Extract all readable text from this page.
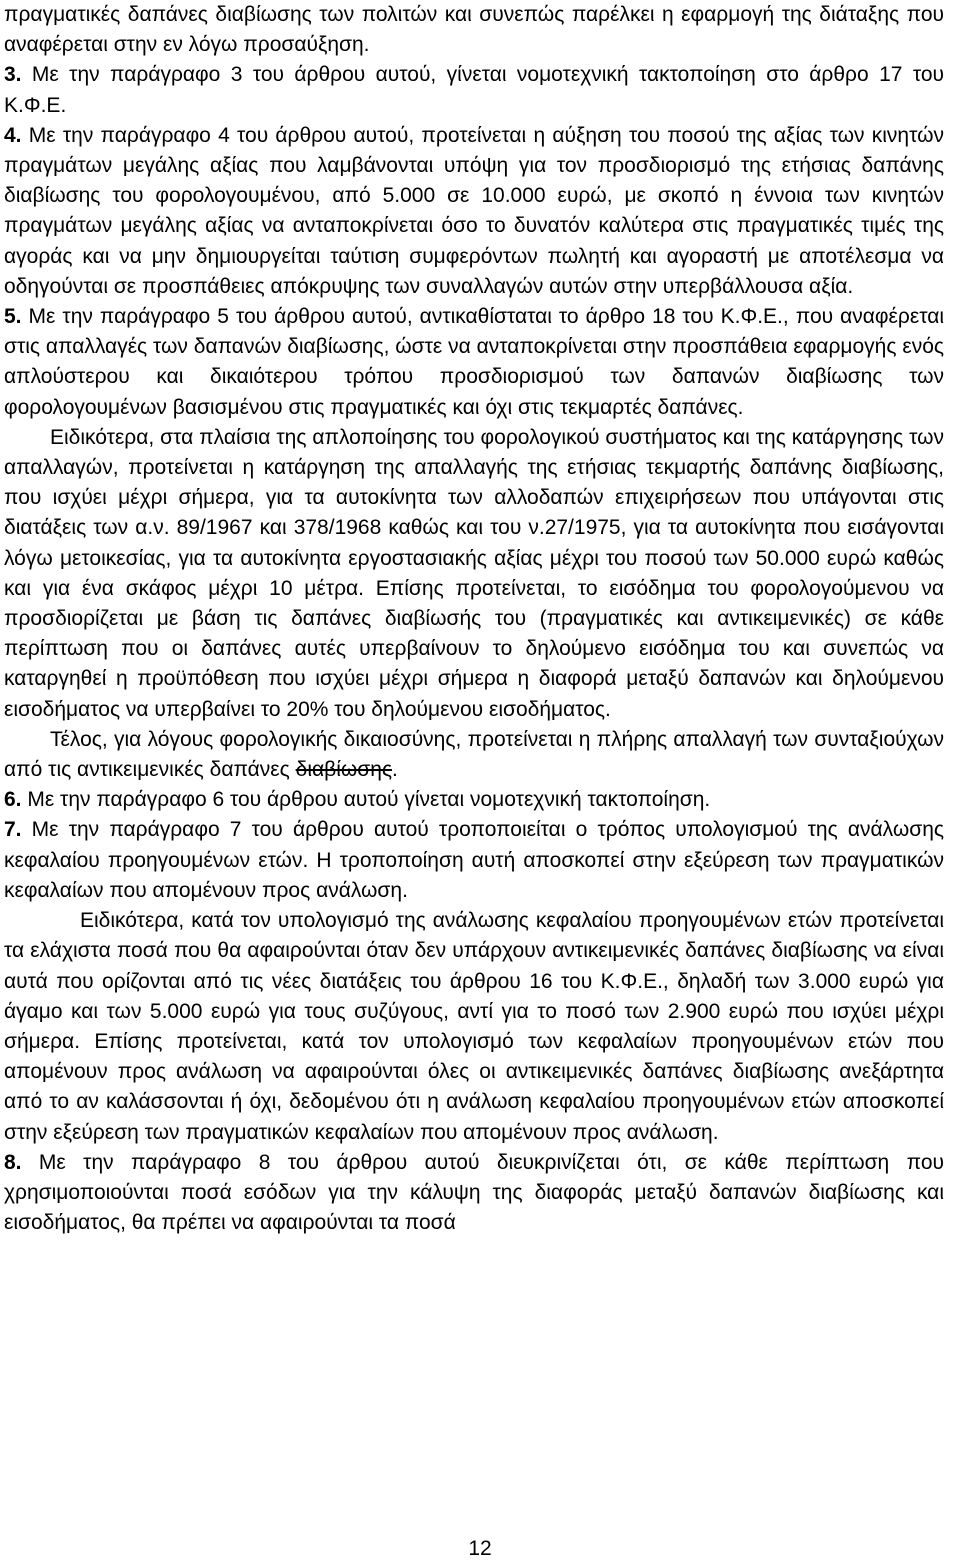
πραγματικές δαπάνες διαβίωσης των πολιτών και συνεπώς παρέλκει η εφαρμογή της διάταξης που αναφέρεται στην εν λόγω προσαύξηση.

3. Με την παράγραφο 3 του άρθρου αυτού, γίνεται νομοτεχνική τακτοποίηση στο άρθρο 17 του Κ.Φ.Ε.

4. Με την παράγραφο 4 του άρθρου αυτού, προτείνεται η αύξηση του ποσού της αξίας των κινητών πραγμάτων μεγάλης αξίας που λαμβάνονται υπόψη για τον προσδιορισμό της ετήσιας δαπάνης διαβίωσης του φορολογουμένου, από 5.000 σε 10.000 ευρώ, με σκοπό η έννοια των κινητών πραγμάτων μεγάλης αξίας να ανταποκρίνεται όσο το δυνατόν καλύτερα στις πραγματικές τιμές της αγοράς και να μην δημιουργείται ταύτιση συμφερόντων πωλητή και αγοραστή με αποτέλεσμα να οδηγούνται σε προσπάθειες απόκρυψης των συναλλαγών αυτών στην υπερβάλλουσα αξία.

5. Με την παράγραφο 5 του άρθρου αυτού, αντικαθίσταται το άρθρο 18 του Κ.Φ.Ε., που αναφέρεται στις απαλλαγές των δαπανών διαβίωσης, ώστε να ανταποκρίνεται στην προσπάθεια εφαρμογής ενός απλούστερου και δικαιότερου τρόπου προσδιορισμού των δαπανών διαβίωσης των φορολογουμένων βασισμένου στις πραγματικές και όχι στις τεκμαρτές δαπάνες.

Ειδικότερα, στα πλαίσια της απλοποίησης του φορολογικού συστήματος και της κατάργησης των απαλλαγών, προτείνεται η κατάργηση της απαλλαγής της ετήσιας τεκμαρτής δαπάνης διαβίωσης, που ισχύει μέχρι σήμερα, για τα αυτοκίνητα των αλλοδαπών επιχειρήσεων που υπάγονται στις διατάξεις των α.ν. 89/1967 και 378/1968 καθώς και του ν.27/1975, για τα αυτοκίνητα που εισάγονται λόγω μετοικεσίας, για τα αυτοκίνητα εργοστασιακής αξίας μέχρι του ποσού των 50.000 ευρώ καθώς και για ένα σκάφος μέχρι 10 μέτρα. Επίσης προτείνεται, το εισόδημα του φορολογούμενου να προσδιορίζεται με βάση τις δαπάνες διαβίωσής του (πραγματικές και αντικειμενικές) σε κάθε περίπτωση που οι δαπάνες αυτές υπερβαίνουν το δηλούμενο εισόδημα του και συνεπώς να καταργηθεί η προϋπόθεση που ισχύει μέχρι σήμερα η διαφορά μεταξύ δαπανών και δηλούμενου εισοδήματος να υπερβαίνει το 20% του δηλούμενου εισοδήματος.

Τέλος, για λόγους φορολογικής δικαιοσύνης, προτείνεται η πλήρης απαλλαγή των συνταξιούχων από τις αντικειμενικές δαπάνες διαβίωσης.

6. Με την παράγραφο 6 του άρθρου αυτού γίνεται νομοτεχνική τακτοποίηση.

7. Με την παράγραφο 7 του άρθρου αυτού τροποποιείται ο τρόπος υπολογισμού της ανάλωσης κεφαλαίου προηγουμένων ετών. Η τροποποίηση αυτή αποσκοπεί στην εξεύρεση των πραγματικών κεφαλαίων που απομένουν προς ανάλωση.

Ειδικότερα, κατά τον υπολογισμό της ανάλωσης κεφαλαίου προηγουμένων ετών προτείνεται τα ελάχιστα ποσά που θα αφαιρούνται όταν δεν υπάρχουν αντικειμενικές δαπάνες διαβίωσης να είναι αυτά που ορίζονται από τις νέες διατάξεις του άρθρου 16 του Κ.Φ.Ε., δηλαδή των 3.000 ευρώ για άγαμο και των 5.000 ευρώ για τους συζύγους, αντί για το ποσό των 2.900 ευρώ που ισχύει μέχρι σήμερα. Επίσης προτείνεται, κατά τον υπολογισμό των κεφαλαίων προηγουμένων ετών που απομένουν προς ανάλωση να αφαιρούνται όλες οι αντικειμενικές δαπάνες διαβίωσης ανεξάρτητα από το αν καλάσσονται ή όχι, δεδομένου ότι η ανάλωση κεφαλαίου προηγουμένων ετών αποσκοπεί στην εξεύρεση των πραγματικών κεφαλαίων που απομένουν προς ανάλωση.

8. Με την παράγραφο 8 του άρθρου αυτού διευκρινίζεται ότι, σε κάθε περίπτωση που χρησιμοποιούνται ποσά εσόδων για την κάλυψη της διαφοράς μεταξύ δαπανών διαβίωσης και εισοδήματος, θα πρέπει να αφαιρούνται τα ποσά

12
